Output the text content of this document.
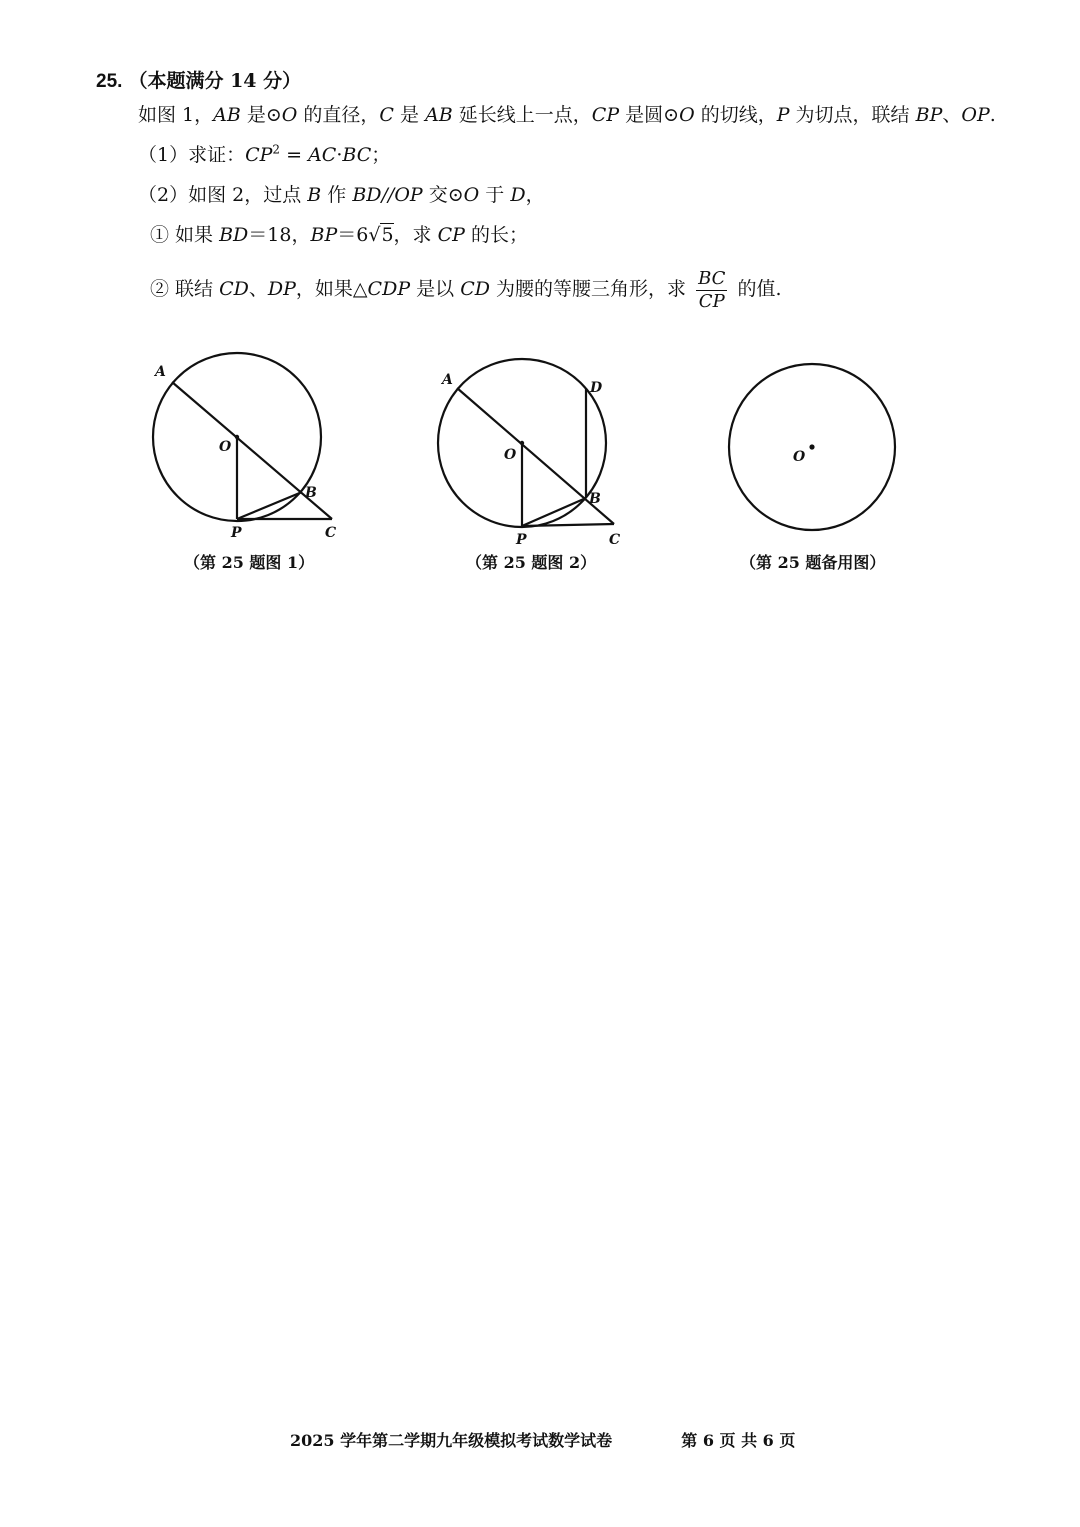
25. （本题满分 14 分）
如图 1，AB 是⊙O 的直径，C 是 AB 延长线上一点，CP 是圆⊙O 的切线，P 为切点，联结 BP、OP.
（1）求证：$CP^2 = AC\cdot BC$；
（2）如图 2，过点 B 作 BD//OP 交⊙O 于 D，
① 如果 BD＝18，BP＝6√5，求 CP 的长；
② 联结 CD、DP，如果△CDP 是以 CD 为腰的等腰三角形，求 $\frac{BC}{CP}$ 的值.
A
O
B
P	C
A	D
O
B
P	C
O
（第 25 题图 1）	（第 25 题图 2）	（第 25 题备用图）
2025 学年第二学期九年级模拟考试数学试卷	第 6 页 共 6 页
